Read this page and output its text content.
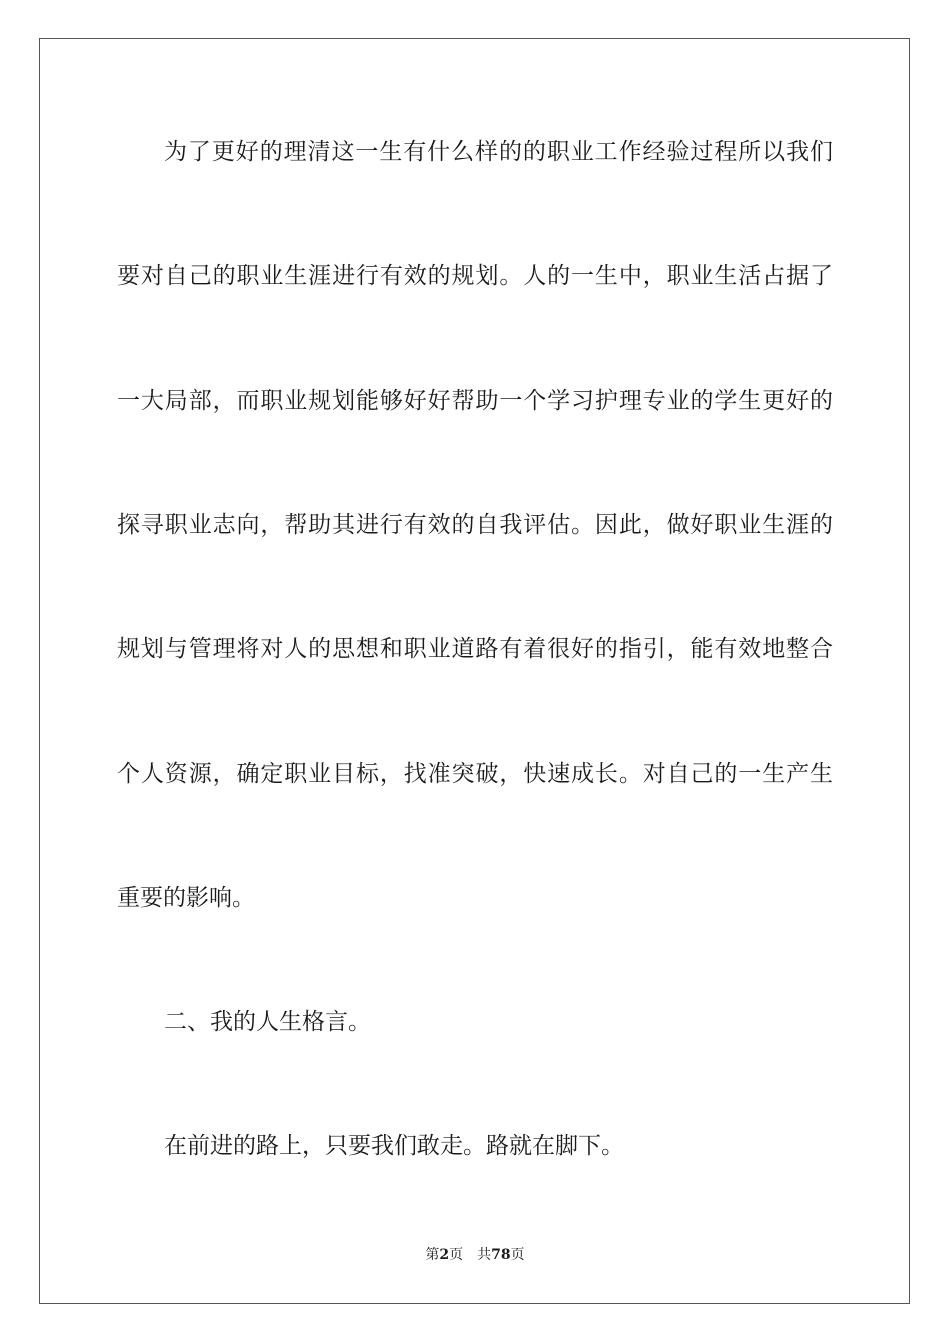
为了更好的理清这一生有什么样的的职业工作经验过程所以我们
要对自己的职业生涯进行有效的规划。人的一生中，职业生活占据了
一大局部，而职业规划能够好好帮助一个学习护理专业的学生更好的
探寻职业志向，帮助其进行有效的自我评估。因此，做好职业生涯的
规划与管理将对人的思想和职业道路有着很好的指引，能有效地整合
个人资源，确定职业目标，找准突破，快速成长。对自己的一生产生
重要的影响。
二、我的人生格言。
在前进的路上，只要我们敢走。路就在脚下。
第2页 共78页
